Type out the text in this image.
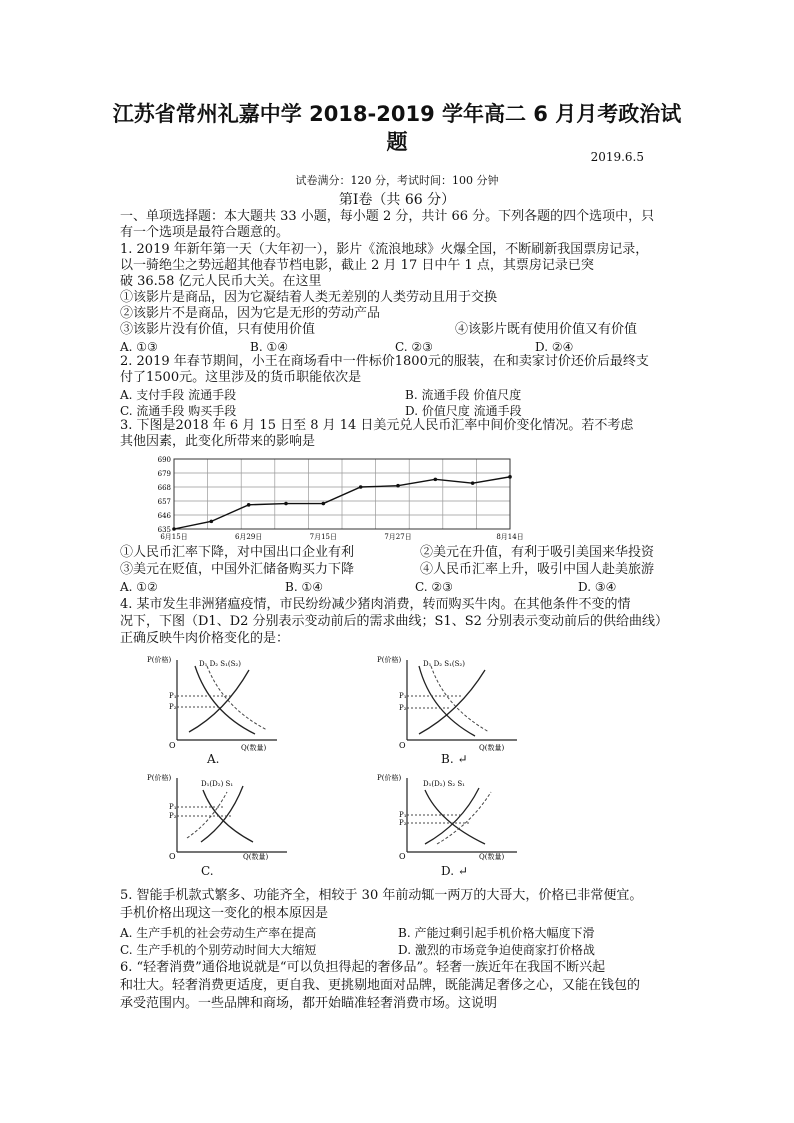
江苏省常州礼嘉中学 2018-2019 学年高二 6 月月考政治试
题
2019.6.5
试卷满分：120 分，考试时间：100 分钟
第Ⅰ卷（共 66 分）
一、单项选择题：本大题共 33 小题，每小题 2 分，共计 66 分。下列各题的四个选项中，只
有一个选项是最符合题意的。
1. 2019 年新年第一天（大年初一），影片《流浪地球》火爆全国，不断刷新我国票房记录，
以一骑绝尘之势远超其他春节档电影，截止 2 月 17 日中午 1 点，其票房记录已突
破 36.58 亿元人民币大关。在这里
①该影片是商品，因为它凝结着人类无差别的人类劳动且用于交换
②该影片不是商品，因为它是无形的劳动产品
③该影片没有价值，只有使用价值	④该影片既有使用价值又有价值
A. ①③	B. ①④	C. ②③	D. ②④
2. 2019 年春节期间，小王在商场看中一件标价1800元的服装，在和卖家讨价还价后最终支
付了1500元。这里涉及的货币职能依次是
A. 支付手段 流通手段	B. 流通手段 价值尺度
C. 流通手段 购买手段	D. 价值尺度 流通手段
3. 下图是2018 年 6 月 15 日至 8 月 14 日美元兑人民币汇率中间价变化情况。若不考虑
其他因素，此变化所带来的影响是
635
646
657
668
679
690
6月15日	6月29日	7月15日	7月27日	8月14日
①人民币汇率下降，对中国出口企业有利	②美元在升值，有利于吸引美国来华投资
③美元在贬值，中国外汇储备购买力下降	④人民币汇率上升，吸引中国人赴美旅游
A. ①②	B. ①④	C. ②③	D. ③④
4. 某市发生非洲猪瘟疫情，市民纷纷减少猪肉消费，转而购买牛肉。在其他条件不变的情
况下，下图（D1、D2 分别表示变动前后的需求曲线；S1、S2 分别表示变动前后的供给曲线）
正确反映牛肉价格变化的是：
P(价格)	D₁ D₂ S₁(S₂)
P₁
P₂
O	Q(数量)
A.
P(价格)	D₁ D₂ S₁(S₂)
P₁
P₂
O	Q(数量)
B. ↵
P(价格)
D₁(D₂) S₁
P₁
P₂
O	Q(数量)
C.
P(价格)
D₁(D₂) S₂ S₁
P₁
P₂
O	Q(数量)
D. ↵
5. 智能手机款式繁多、功能齐全，相较于 30 年前动辄一两万的大哥大，价格已非常便宜。
手机价格出现这一变化的根本原因是
A. 生产手机的社会劳动生产率在提高	B. 产能过剩引起手机价格大幅度下滑
C. 生产手机的个别劳动时间大大缩短	D. 激烈的市场竞争迫使商家打价格战
6. “轻奢消费”通俗地说就是“可以负担得起的奢侈品”。轻奢一族近年在我国不断兴起
和壮大。轻奢消费更适度，更自我、更挑剔地面对品牌，既能满足奢侈之心，又能在钱包的
承受范围内。一些品牌和商场，都开始瞄准轻奢消费市场。这说明
